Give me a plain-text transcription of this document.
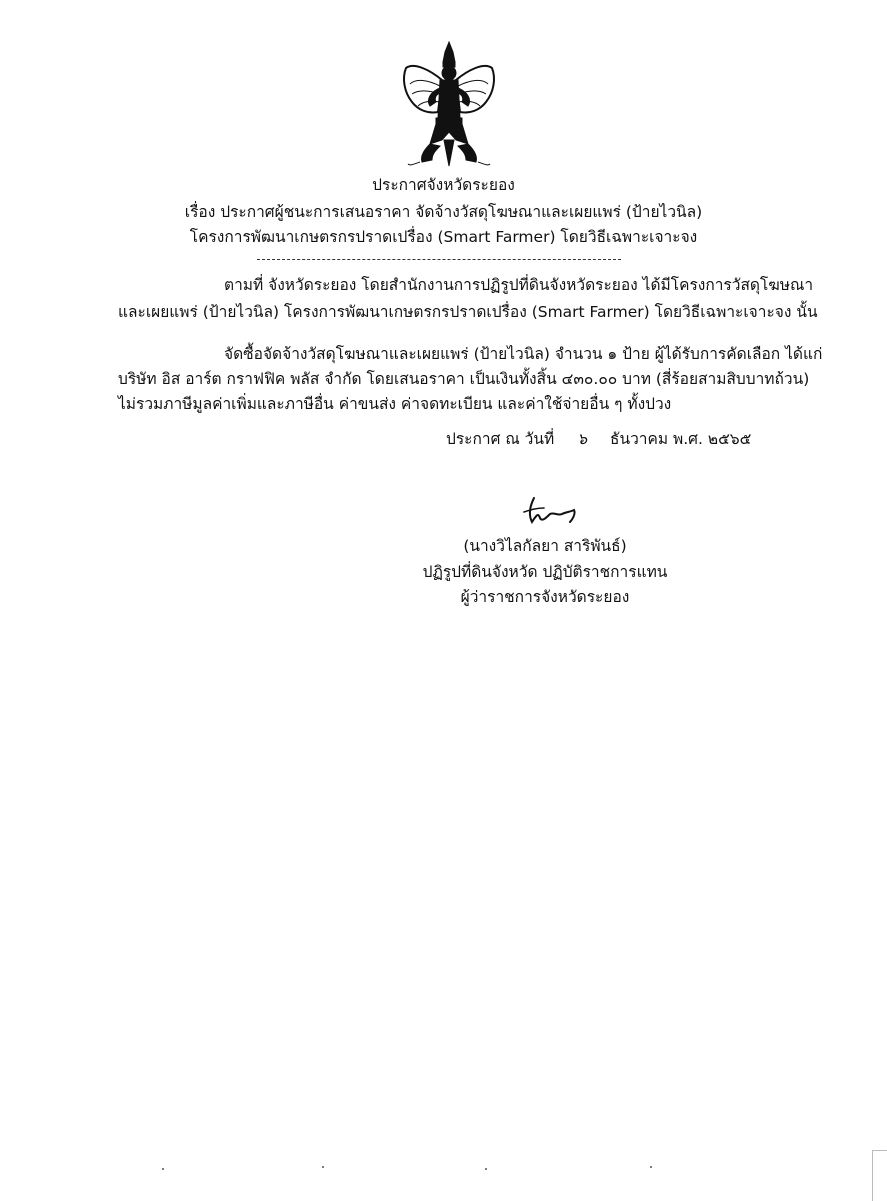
ประกาศจังหวัดระยอง
เรื่อง ประกาศผู้ชนะการเสนอราคา จัดจ้างวัสดุโฆษณาและเผยแพร่ (ป้ายไวนิล)
โครงการพัฒนาเกษตรกรปราดเปรื่อง (Smart Farmer) โดยวิธีเฉพาะเจาะจง
ตามที่ จังหวัดระยอง โดยสำนักงานการปฏิรูปที่ดินจังหวัดระยอง ได้มีโครงการวัสดุโฆษณา
และเผยแพร่ (ป้ายไวนิล) โครงการพัฒนาเกษตรกรปราดเปรื่อง (Smart Farmer) โดยวิธีเฉพาะเจาะจง นั้น
จัดซื้อจัดจ้างวัสดุโฆษณาและเผยแพร่ (ป้ายไวนิล) จำนวน ๑ ป้าย ผู้ได้รับการคัดเลือก ได้แก่
บริษัท อิส อาร์ต กราฟฟิค พลัส จำกัด โดยเสนอราคา เป็นเงินทั้งสิ้น ๔๓๐.๐๐ บาท (สี่ร้อยสามสิบบาทถ้วน)
ไม่รวมภาษีมูลค่าเพิ่มและภาษีอื่น ค่าขนส่ง ค่าจดทะเบียน และค่าใช้จ่ายอื่น ๆ ทั้งปวง
ประกาศ ณ วันที่ ๖ ธันวาคม พ.ศ. ๒๕๖๕
(นางวิไลกัลยา สาริพันธ์)
ปฏิรูปที่ดินจังหวัด ปฏิบัติราชการแทน
ผู้ว่าราชการจังหวัดระยอง
